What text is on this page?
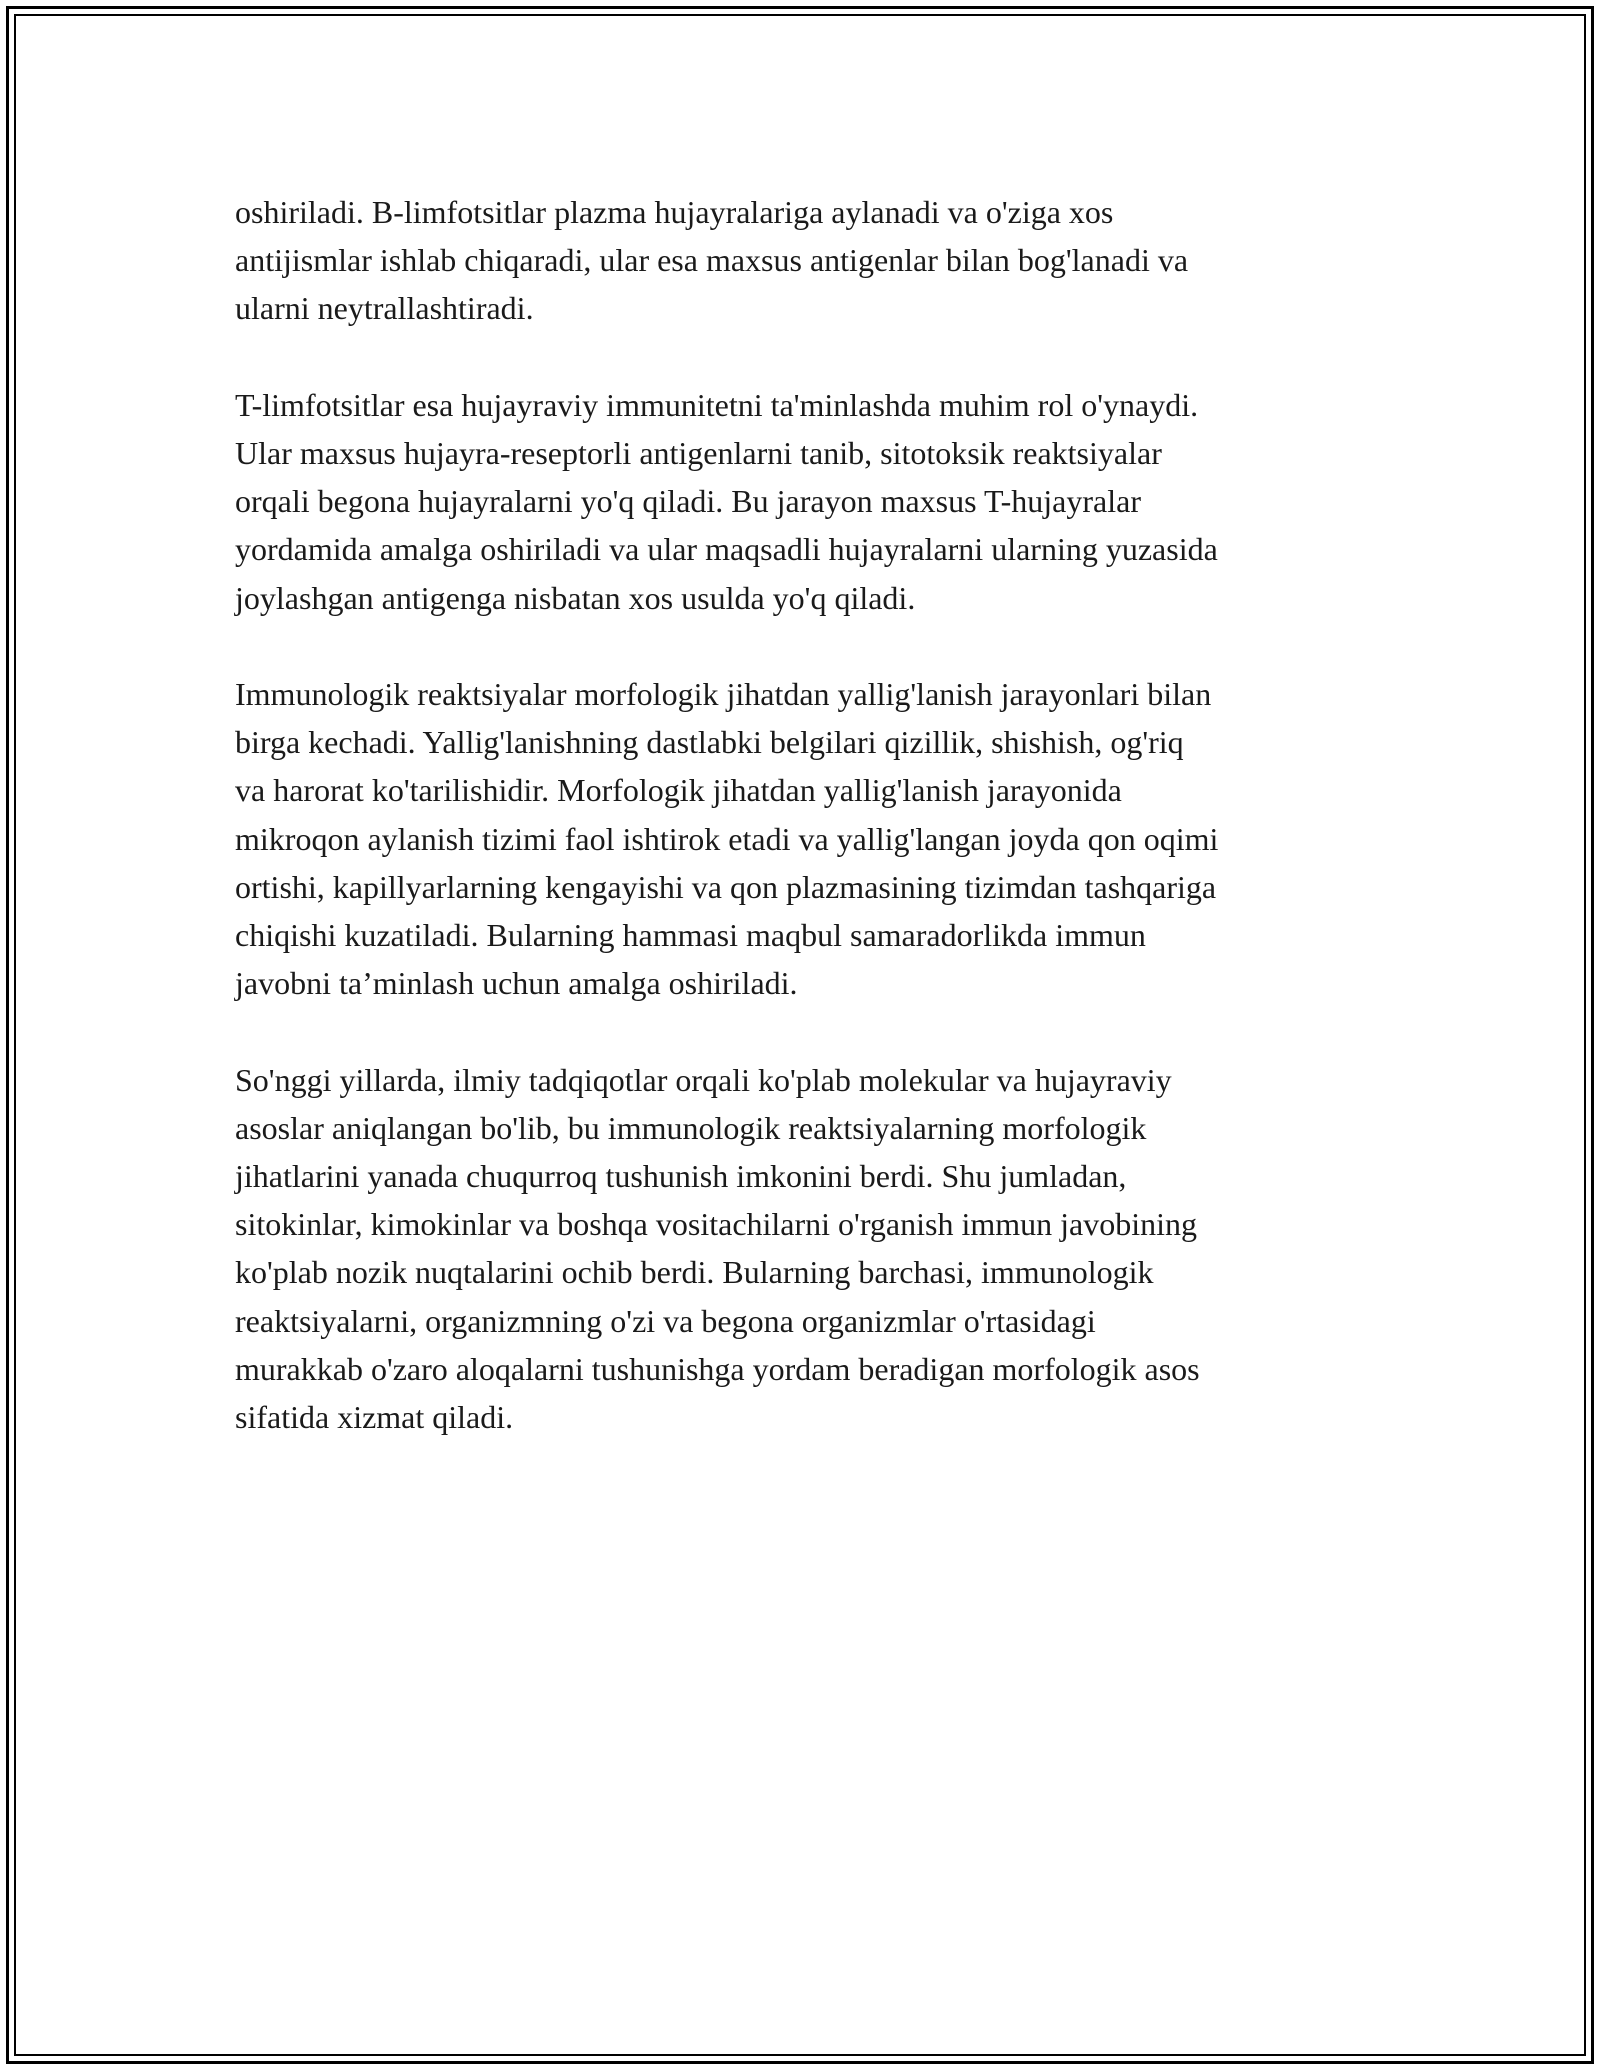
oshiriladi. B-limfotsitlar plazma hujayralariga aylanadi va o'ziga xos
antijismlar ishlab chiqaradi, ular esa maxsus antigenlar bilan bog'lanadi va
ularni neytrallashtiradi.

T-limfotsitlar esa hujayraviy immunitetni ta'minlashda muhim rol o'ynaydi.
Ular maxsus hujayra-reseptorli antigenlarni tanib, sitotoksik reaktsiyalar
orqali begona hujayralarni yo'q qiladi. Bu jarayon maxsus T-hujayralar
yordamida amalga oshiriladi va ular maqsadli hujayralarni ularning yuzasida
joylashgan antigenga nisbatan xos usulda yo'q qiladi.

Immunologik reaktsiyalar morfologik jihatdan yallig'lanish jarayonlari bilan
birga kechadi. Yallig'lanishning dastlabki belgilari qizillik, shishish, og'riq
va harorat ko'tarilishidir. Morfologik jihatdan yallig'lanish jarayonida
mikroqon aylanish tizimi faol ishtirok etadi va yallig'langan joyda qon oqimi
ortishi, kapillyarlarning kengayishi va qon plazmasining tizimdan tashqariga
chiqishi kuzatiladi. Bularning hammasi maqbul samaradorlikda immun
javobni ta’minlash uchun amalga oshiriladi.

So'nggi yillarda, ilmiy tadqiqotlar orqali ko'plab molekular va hujayraviy
asoslar aniqlangan bo'lib, bu immunologik reaktsiyalarning morfologik
jihatlarini yanada chuqurroq tushunish imkonini berdi. Shu jumladan,
sitokinlar, kimokinlar va boshqa vositachilarni o'rganish immun javobining
ko'plab nozik nuqtalarini ochib berdi. Bularning barchasi, immunologik
reaktsiyalarni, organizmning o'zi va begona organizmlar o'rtasidagi
murakkab o'zaro aloqalarni tushunishga yordam beradigan morfologik asos
sifatida xizmat qiladi.
